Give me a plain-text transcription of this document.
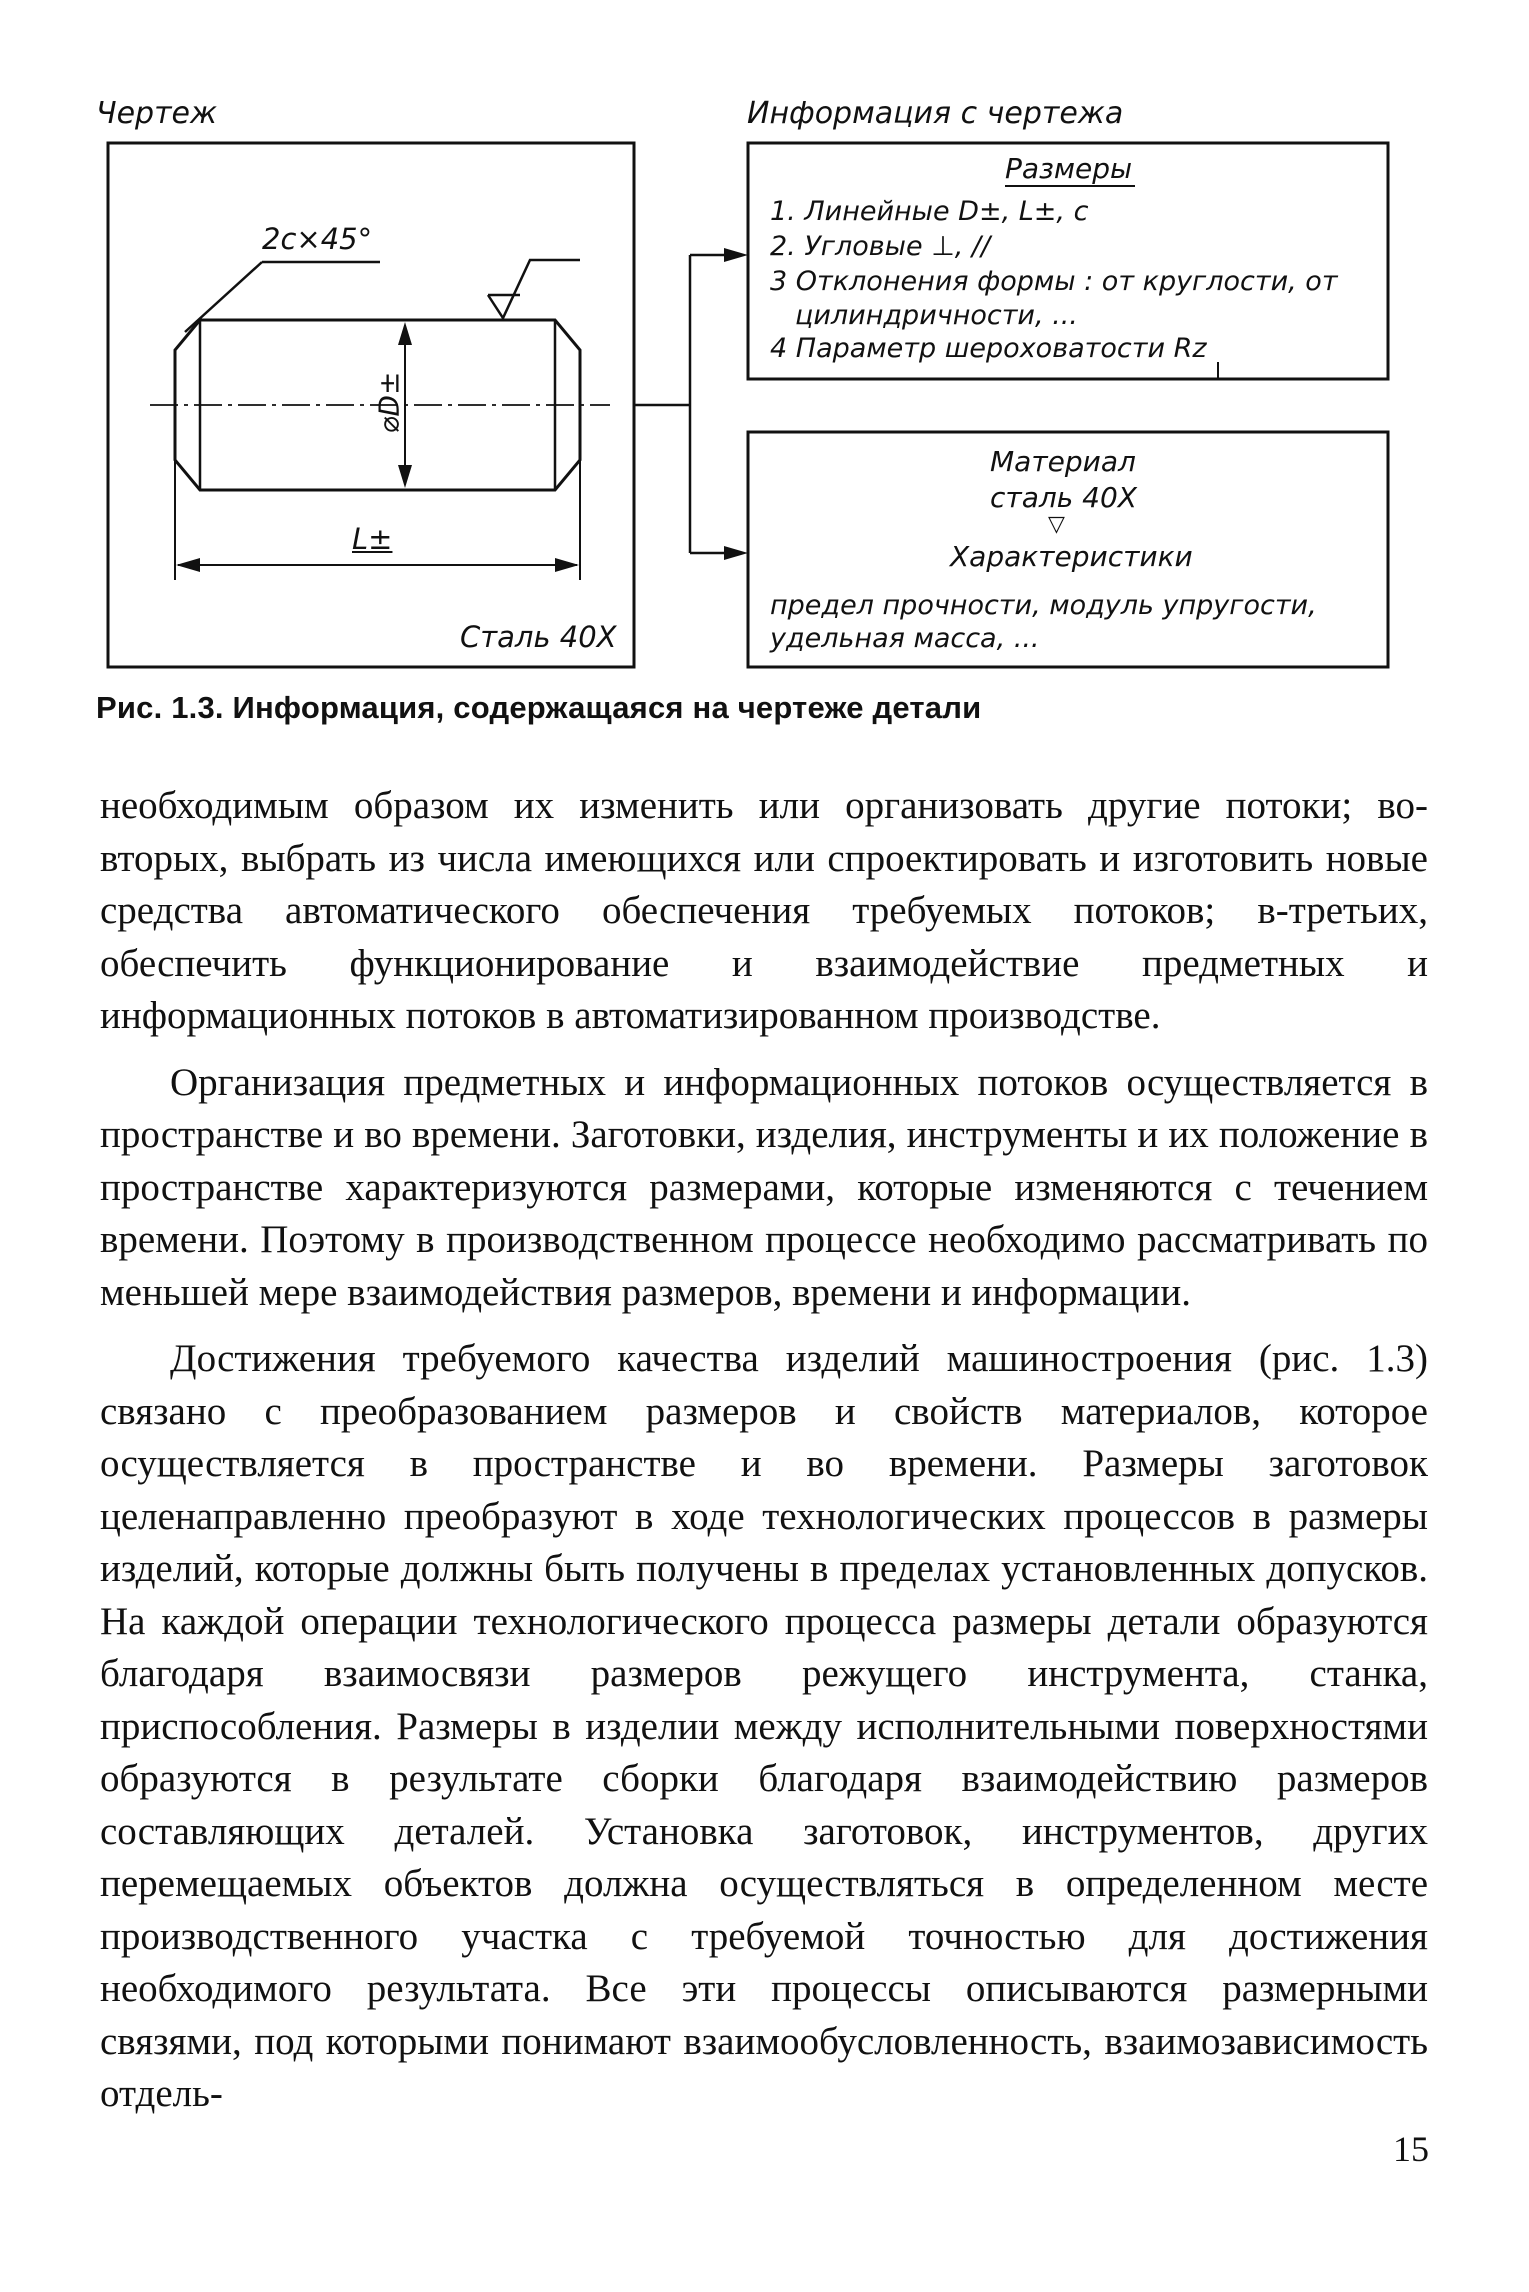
Чертеж	Информация с чертежа
2c×45°
⌀D±
L±
Сталь 40Х
Размеры
1. Линейные D±, L±, c
2. Угловые ⊥, //
3 Отклонения формы : от круглости, от
цилиндричности, ...
4 Параметр шероховатости Rz
Материал
сталь 40Х
▽
Характеристики
предел прочности, модуль упругости,
удельная масса, ...
Рис. 1.3. Информация, содержащаяся на чертеже детали

необходимым образом их изменить или организовать другие потоки; во-вторых, выбрать из числа имеющихся или спроектировать и изготовить новые средства автоматического обеспечения требуемых потоков; в-третьих, обеспечить функционирование и взаимодействие предметных и информационных потоков в автоматизированном производстве.

Организация предметных и информационных потоков осуществляется в пространстве и во времени. Заготовки, изделия, инструменты и их положение в пространстве характеризуются размерами, которые изменяются с течением времени. Поэтому в производственном процессе необходимо рассматривать по меньшей мере взаимодействия размеров, времени и информации.

Достижения требуемого качества изделий машиностроения (рис. 1.3) связано с преобразованием размеров и свойств материалов, которое осуществляется в пространстве и во времени. Размеры заготовок целенаправленно преобразуют в ходе технологических процессов в размеры изделий, которые должны быть получены в пределах установленных допусков. На каждой операции технологического процесса размеры детали образуются благодаря взаимосвязи размеров режущего инструмента, станка, приспособления. Размеры в изделии между исполнительными поверхностями образуются в результате сборки благодаря взаимодействию размеров составляющих деталей. Установка заготовок, инструментов, других перемещаемых объектов должна осуществляться в определенном месте производственного участка с требуемой точностью для достижения необходимого результата. Все эти процессы описываются размерными связями, под которыми понимают взаимообусловленность, взаимозависимость отдель-

15
